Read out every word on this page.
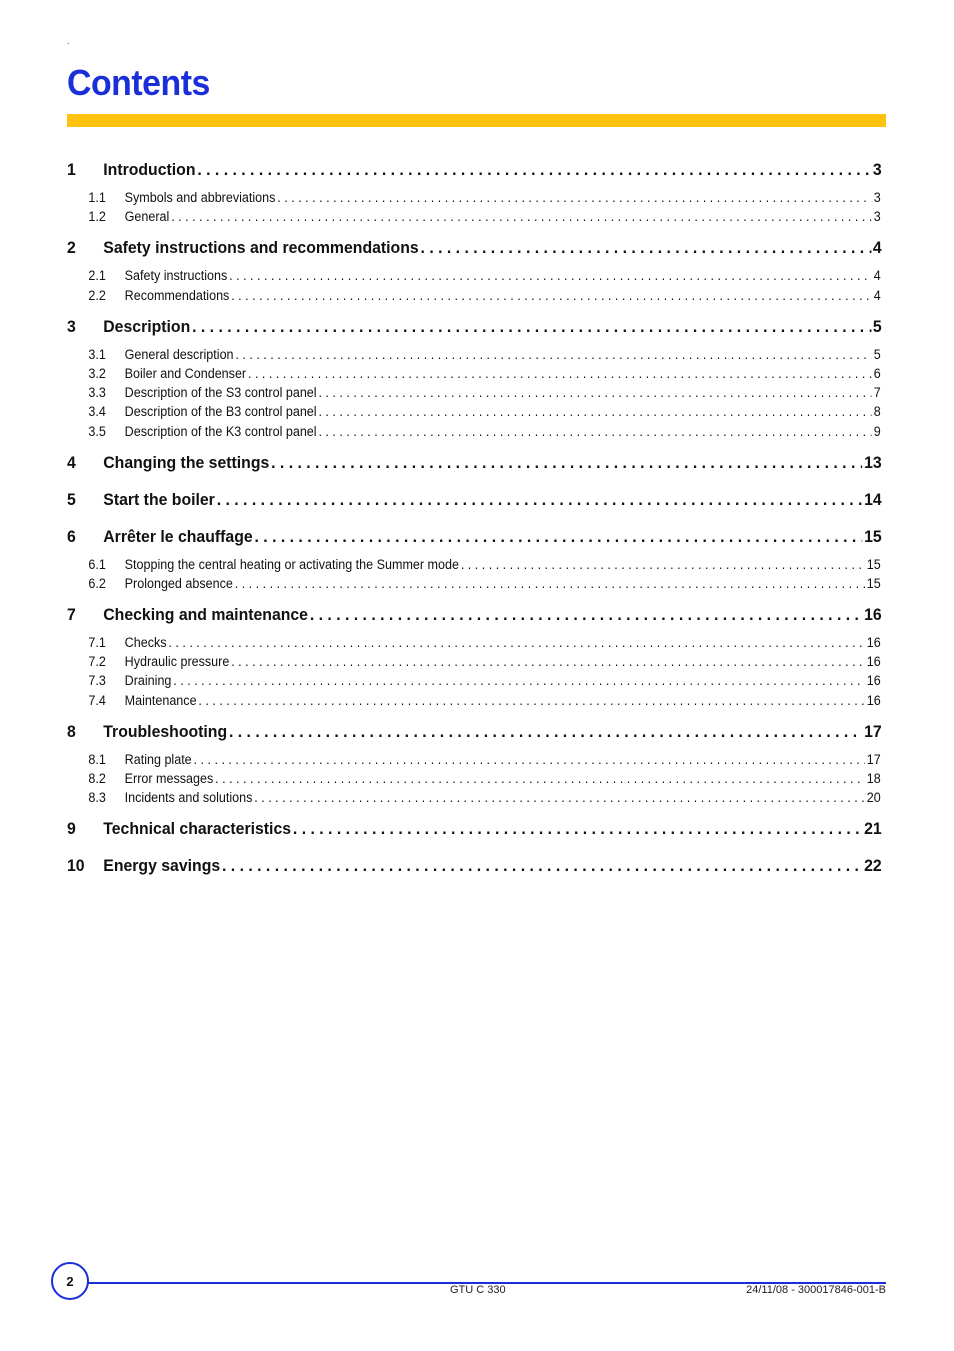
.
Contents
1	Introduction . . .	3
1.1	Symbols and abbreviations . . .	3
1.2	General . . .	3
2	Safety instructions and recommendations . . .	4
2.1	Safety instructions . . .	4
2.2	Recommendations . . .	4
3	Description . . .	5
3.1	General description . . .	5
3.2	Boiler and Condenser . . .	6
3.3	Description of the S3 control panel . . .	7
3.4	Description of the B3 control panel . . .	8
3.5	Description of the K3 control panel . . .	9
4	Changing the settings . . .	13
5	Start the boiler . . .	14
6	Arrêter le chauffage . . .	15
6.1	Stopping the central heating or activating the Summer mode . . .	15
6.2	Prolonged absence . . .	15
7	Checking and maintenance . . .	16
7.1	Checks . . .	16
7.2	Hydraulic pressure . . .	16
7.3	Draining . . .	16
7.4	Maintenance . . .	16
8	Troubleshooting . . .	17
8.1	Rating plate . . .	17
8.2	Error messages . . .	18
8.3	Incidents and solutions . . .	20
9	Technical characteristics . . .	21
10	Energy savings . . .	22
2
GTU C 330	24/11/08 - 300017846-001-B
